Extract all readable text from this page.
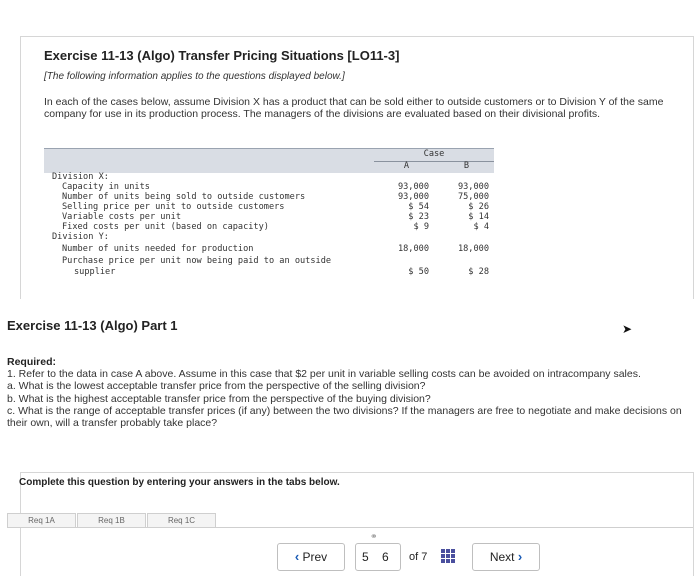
Exercise 11-13 (Algo) Transfer Pricing Situations [LO11-3]
[The following information applies to the questions displayed below.]
In each of the cases below, assume Division X has a product that can be sold either to outside customers or to Division Y of the same company for use in its production process. The managers of the divisions are evaluated based on their divisional profits.
Case
A	B
Division X:
Capacity in units	93,000	93,000
Number of units being sold to outside customers	93,000	75,000
Selling price per unit to outside customers	$ 54	$ 26
Variable costs per unit	$ 23	$ 14
Fixed costs per unit (based on capacity)	$ 9	$ 4
Division Y:
Number of units needed for production	18,000	18,000
Purchase price per unit now being paid to an outside
supplier	$ 50	$ 28
Exercise 11-13 (Algo) Part 1	➤
Required:
1. Refer to the data in case A above. Assume in this case that $2 per unit in variable selling costs can be avoided on intracompany sales.
a. What is the lowest acceptable transfer price from the perspective of the selling division?
b. What is the highest acceptable transfer price from the perspective of the buying division?
c. What is the range of acceptable transfer prices (if any) between the two divisions? If the managers are free to negotiate and make decisions on their own, will a transfer probably take place?
Complete this question by entering your answers in the tabs below.
Req 1A	Req 1B	Req 1C
‹ Prev
⚭
5 6 of 7	Next ›
